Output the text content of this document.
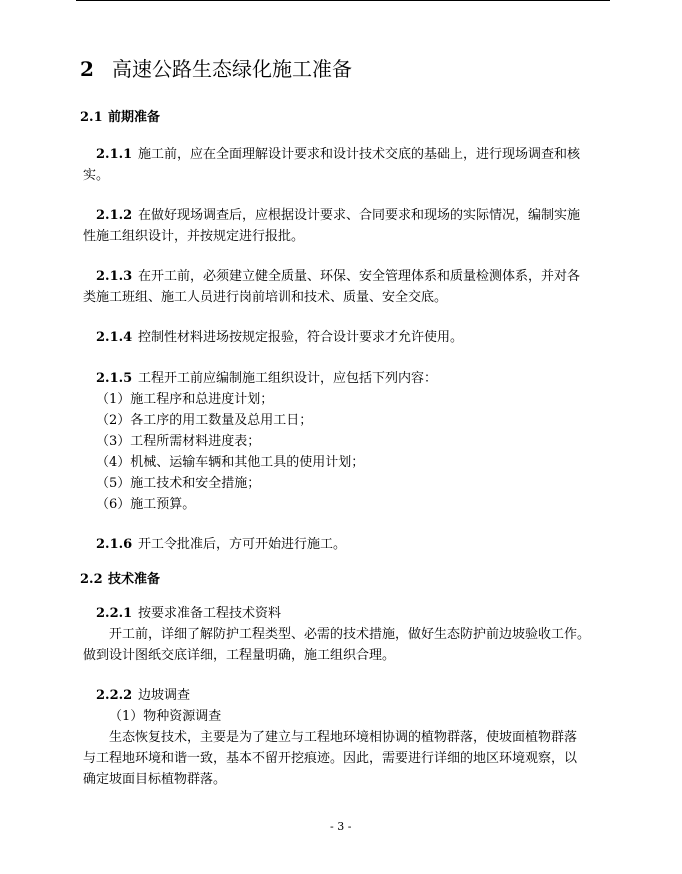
2 高速公路生态绿化施工准备
2.1 前期准备
2.1.1 施工前，应在全面理解设计要求和设计技术交底的基础上，进行现场调查和核
实。
2.1.2 在做好现场调查后，应根据设计要求、合同要求和现场的实际情况，编制实施
性施工组织设计，并按规定进行报批。
2.1.3 在开工前，必须建立健全质量、环保、安全管理体系和质量检测体系，并对各
类施工班组、施工人员进行岗前培训和技术、质量、安全交底。
2.1.4 控制性材料进场按规定报验，符合设计要求才允许使用。
2.1.5 工程开工前应编制施工组织设计，应包括下列内容：
（1）施工程序和总进度计划；
（2）各工序的用工数量及总用工日；
（3）工程所需材料进度表；
（4）机械、运输车辆和其他工具的使用计划；
（5）施工技术和安全措施；
（6）施工预算。
2.1.6 开工令批准后，方可开始进行施工。
2.2 技术准备
2.2.1 按要求准备工程技术资料
开工前，详细了解防护工程类型、必需的技术措施，做好生态防护前边坡验收工作。
做到设计图纸交底详细，工程量明确，施工组织合理。
2.2.2 边坡调查
（1）物种资源调查
生态恢复技术，主要是为了建立与工程地环境相协调的植物群落，使坡面植物群落
与工程地环境和谐一致，基本不留开挖痕迹。因此，需要进行详细的地区环境观察，以
确定坡面目标植物群落。
- 3 -
